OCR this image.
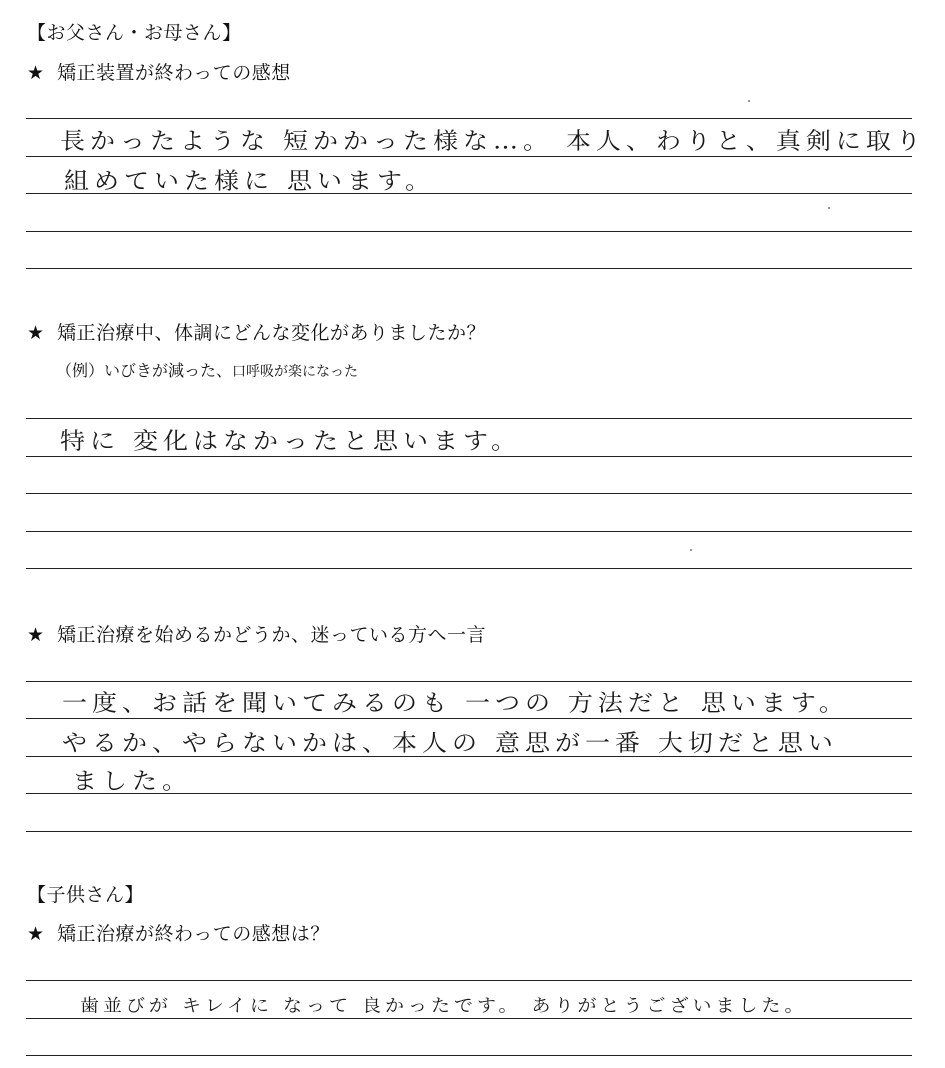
【お父さん・お母さん】
★ 矯正装置が終わっての感想
長かったような 短かかった様な…。 本人、わりと、真剣に取り
組めていた様に 思います。
★ 矯正治療中、体調にどんな変化がありましたか？
（例）いびきが減った、口呼吸が楽になった
特に 変化はなかったと思います。
★ 矯正治療を始めるかどうか、迷っている方へ一言
一度、お話を聞いてみるのも 一つの 方法だと 思います。
やるか、やらないかは、本人の 意思が一番 大切だと思い
ました。
【子供さん】
★ 矯正治療が終わっての感想は？
歯並びが キレイに なって 良かったです。 ありがとうございました。
